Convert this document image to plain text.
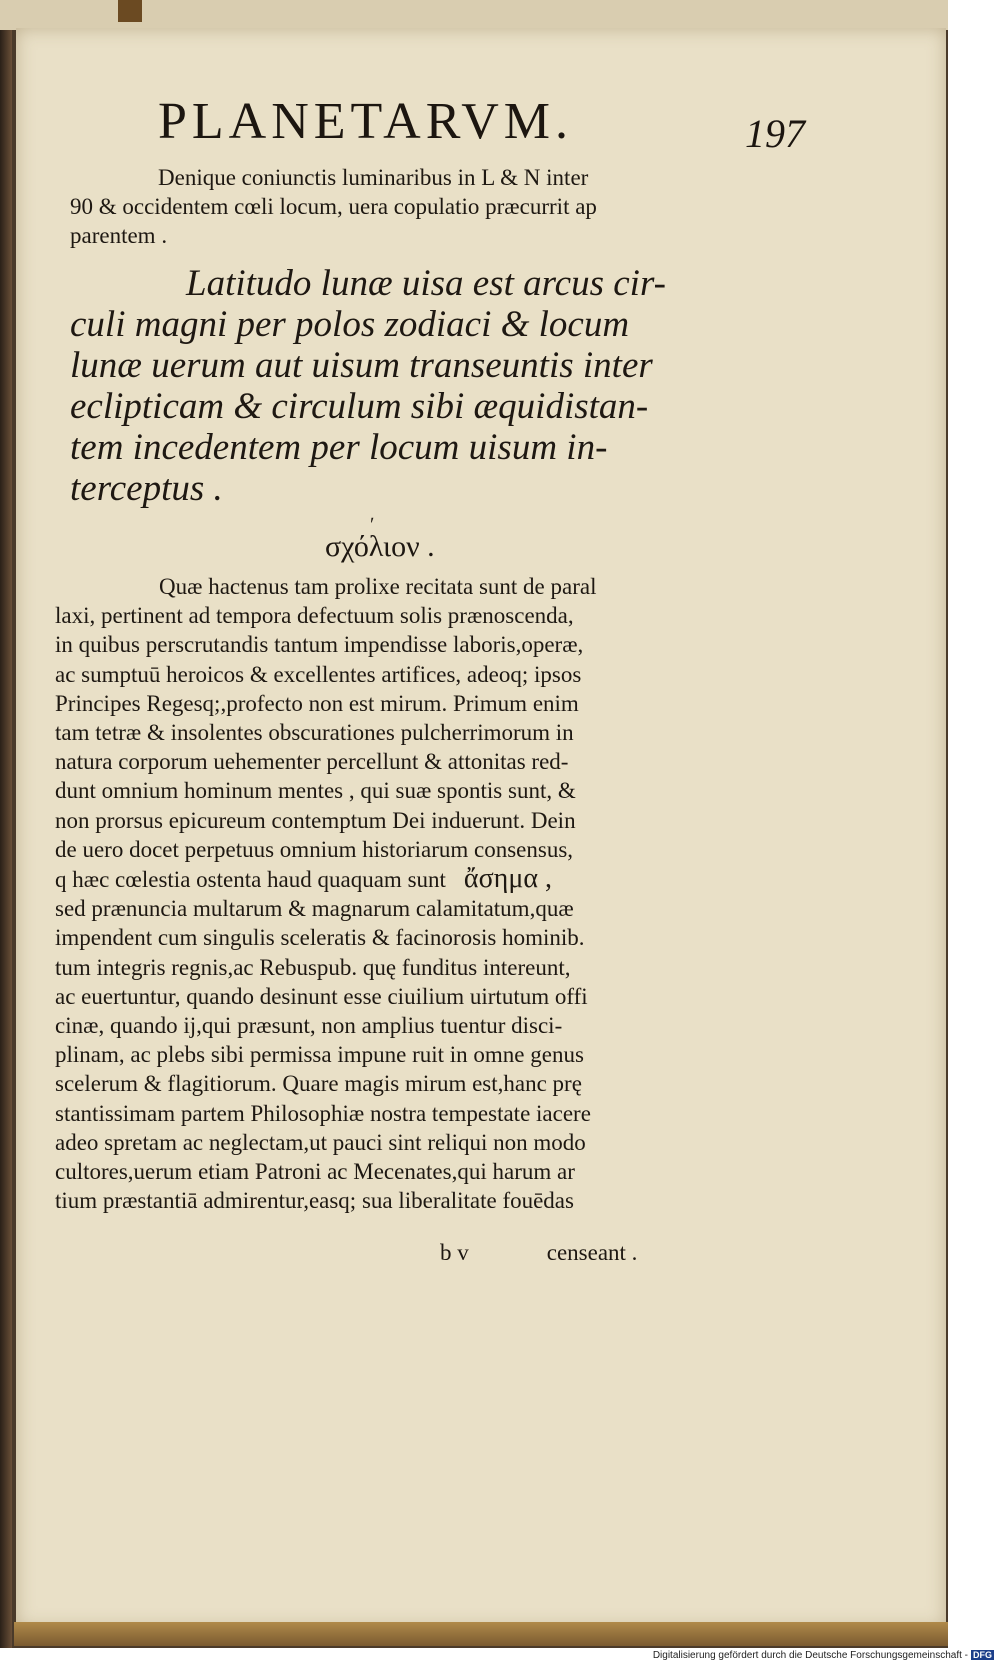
PLANETARVM.	197
Denique coniunctis luminaribus in L & N inter
90 & occidentem cœli locum, uera copulatio præcurrit ap
parentem .
Latitudo lunæ uisa est arcus cir-
culi magni per polos zodiaci & locum
lunæ uerum aut uisum transeuntis inter
eclipticam & circulum sibi æquidistan-
tem incedentem per locum uisum in-
terceptus .
ʹ
σχόλιον .
Quæ hactenus tam prolixe recitata sunt de paral
laxi, pertinent ad tempora defectuum solis prænoscenda,
in quibus perscrutandis tantum impendisse laboris,operæ,
ac sumptuū heroicos & excellentes artifices, adeoq; ipsos
Principes Regesq;,profecto non est mirum. Primum enim
tam tetræ & insolentes obscurationes pulcherrimorum in
natura corporum uehementer percellunt & attonitas red-
dunt omnium hominum mentes , qui suæ spontis sunt, &
non prorsus epicureum contemptum Dei induerunt. Dein
de uero docet perpetuus omnium historiarum consensus,
q hæc cœlestia ostenta haud quaquam sunt ἄσημα ,
sed prænuncia multarum & magnarum calamitatum,quæ
impendent cum singulis sceleratis & facinorosis hominib.
tum integris regnis,ac Rebuspub. quę funditus intereunt,
ac euertuntur, quando desinunt esse ciuilium uirtutum offi
cinæ, quando ij,qui præsunt, non amplius tuentur disci-
plinam, ac plebs sibi permissa impune ruit in omne genus
scelerum & flagitiorum. Quare magis mirum est,hanc prę
stantissimam partem Philosophiæ nostra tempestate iacere
adeo spretam ac neglectam,ut pauci sint reliqui non modo
cultores,uerum etiam Patroni ac Mecenates,qui harum ar
tium præstantiā admirentur,easq; sua liberalitate fouēdas
b v	censeant .
Digitalisierung gefördert durch die Deutsche Forschungsgemeinschaft - DFG
